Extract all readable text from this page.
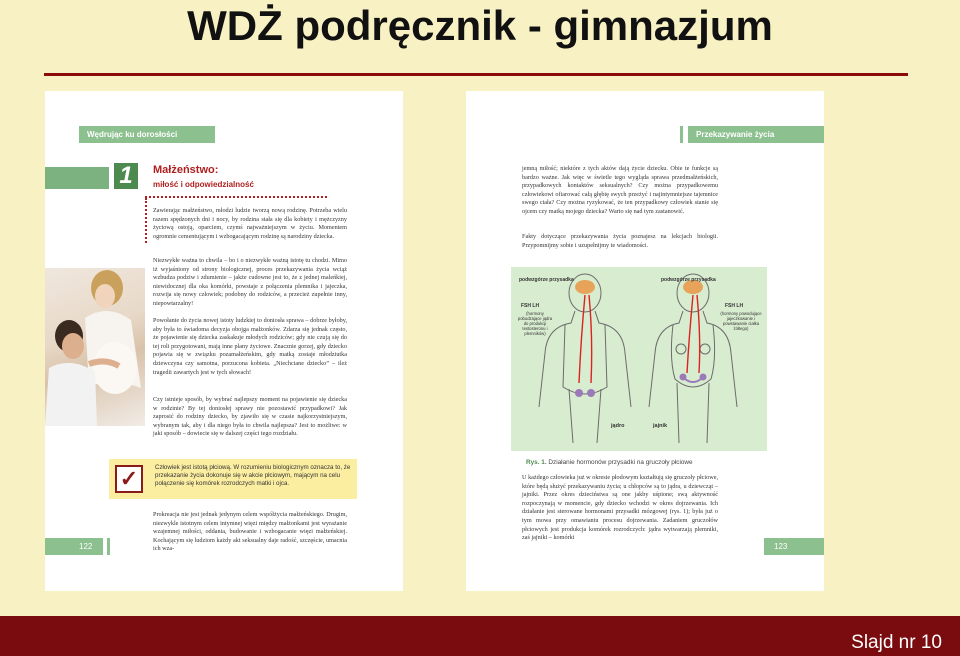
WDŻ podręcznik - gimnazjum
Wędrując ku dorosłości
1	Małżeństwo:
miłość i odpowiedzialność

Zawierając małżeństwo, młodzi ludzie tworzą nową rodzinę. Potrzeba wielu razem spędzonych dni i nocy, by rodzina stała się dla kobiety i mężczyzny życiową ostoją, oparciem, czymś najważniejszym w życiu. Momentem ogromnie cementującym i wzbogacającym rodzinę są narodziny dziecka.

Niezwykłe ważna to chwila – bo i o niezwykłe ważną istotę tu chodzi. Mimo iż wyjaśniony od strony biologicznej, proces przekazywania życia wciąż wzbudza podziw i zdumienie – jakże cudowne jest to, że z jednej maleńkiej, niewidocznej dla oka komórki, powstaje z połączenia plemnika i jajeczka, rozwija się nowy człowiek; podobny do rodziców, a przecież zupełnie inny, niepowtarzalny!

Powołanie do życia nowej istoty ludzkiej to doniosła sprawa – dobrze byłoby, aby była to świadoma decyzja obojga małżonków. Zdarza się jednak często, że pojawienie się dziecka zaskakuje młodych rodziców; gdy nie czują się do tej roli przygotowani, mają inne plany życiowe. Znacznie gorzej, gdy dziecko pojawia się w związku pozamałżeńskim, gdy matką zostaje młodziutka dziewczyna czy samotna, porzucona kobieta. „Niechciane dziecko” – ileż tragedii zawartych jest w tych słowach!

Czy istnieje sposób, by wybrać najlepszy moment na pojawienie się dziecka w rodzinie? By tej doniosłej sprawy nie pozostawić przypadkowi? Jak zaprosić do rodziny dziecko, by zjawiło się w czasie najkorzystniejszym, wybranym tak, aby i dla niego była to chwila najlepsza? Jest to możliwe: w jaki sposób – dowiecie się w dalszej części tego rozdziału.

✓	Człowiek jest istotą płciową. W rozumieniu biologicznym oznacza to, że przekazanie życia dokonuje się w akcie płciowym, mającym na celu połączenie się komórek rozrodczych matki i ojca.

Prokreacja nie jest jednak jedynym celem współżycia małżeńskiego. Drugim, niezwykle istotnym celem intymnej więzi między małżonkami jest wyrażanie wzajemnej miłości, oddania, budowanie i wzbogacanie więzi małżeńskiej. Kochającym się ludziom każdy akt seksualny daje radość, szczęście, umacnia ich wza-

122
Przekazywanie życia

jemną miłość; niektóre z tych aktów dają życie dziecku. Obie te funkcje są bardzo ważne. Jak więc w świetle tego wygląda sprawa przedmałżeńskich, przypadkowych kontaktów seksualnych? Czy można przypadkowemu człowiekowi ofiarować całą głębię swych przeżyć i najintymniejsze tajemnice swego ciała? Czy można ryzykować, że ten przypadkowy człowiek stanie się ojcem czy matką mojego dziecka? Warto się nad tym zastanowić.

Fakty dotyczące przekazywania życia poznajesz na lekcjach biologii. Przypomnijmy sobie i uzupełnijmy te wiadomości.

podwzgórze przysadka
FSH LH
podwzgórze przysadka
FSH LH
jądro	jajnik
(hormony pobudzające jądra do produkcji testosteronu i plemników)
(hormony powodujące jajeczkowanie i powstawanie ciałka żółtego)
Rys. 1. Działanie hormonów przysadki na gruczoły płciowe

U każdego człowieka już w okresie płodowym kształtują się gruczoły płciowe, które będą służyć przekazywaniu życia; u chłopców są to jądra, u dziewcząt – jajniki. Przez okres dzieciństwa są one jakby uśpione; swą aktywność rozpoczynają w momencie, gdy dziecko wchodzi w okres dojrzewania. Ich działanie jest sterowane hormonami przysadki mózgowej (rys. 1); była już o tym mowa przy omawianiu procesu dojrzewania. Zadaniem gruczołów płciowych jest produkcja komórek rozrodczych: jądra wytwarzają plemniki, zaś jajniki – komórki

123
Slajd nr 10
